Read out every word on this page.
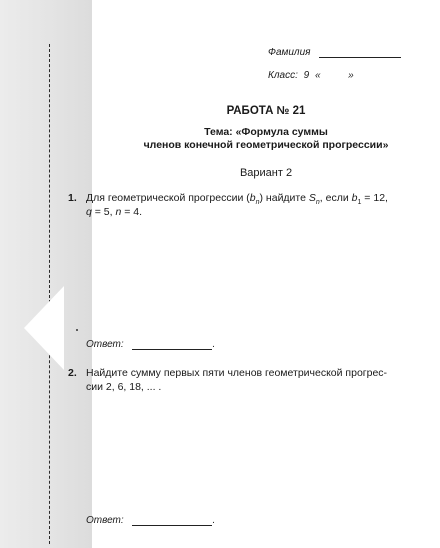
Фамилия
Класс: 9 «	»
РАБОТА № 21
Тема: «Формула суммы
членов конечной геометрической прогрессии»
Вариант 2
1. Для геометрической прогрессии $(b_n)$ найдите $S_n$, если $b_1 = 12$,
q = 5, n = 4.
Ответ:	.
2. Найдите сумму первых пяти членов геометрической прогрес-
сии 2, 6, 18, ... .
Ответ:	.
